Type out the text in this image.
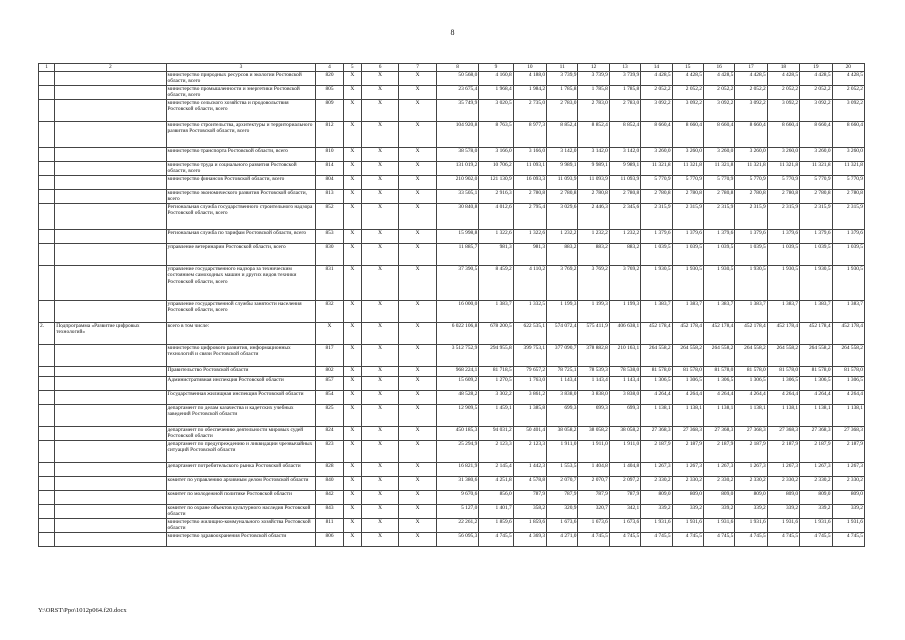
8
1	2	3	4	5	6	7	8	9	10	11	12	13	14	15	16	17	18	19	20
		министерство природных ресурсов и экологии Ростовской области, всего	820	X	X	X	50 568,0	4 160,8	4 188,0	3 739,9	3 739,9	3 739,9	4 428,5	4 428,5	4 428,5	4 428,5	4 428,5	4 428,5	4 428,5
		министерство промышленности и энергетики Ростовской области, всего	805	X	X	X	23 675,4	1 968,4	1 984,2	1 785,8	1 785,8	1 785,8	2 052,2	2 052,2	2 052,2	2 052,2	2 052,2	2 052,2	2 052,2
		министерство сельского хозяйства и продовольствия Ростовской области, всего	809	X	X	X	35 749,9	3 020,5	2 735,0	2 783,0	2 783,0	2 783,0	3 092,2	3 092,2	3 092,2	3 092,2	3 092,2	3 092,2	3 092,2
		министерство строительства, архитектуры и территориального развития Ростовской области, всего	812	X	X	X	104 920,8	8 763,5	8 977,3	8 852,4	8 852,4	8 852,4	8 660,4	8 660,4	8 660,4	8 660,4	8 660,4	8 660,4	8 660,4
		министерство транспорта Ростовской области, всего	810	X	X	X	38 578,0	3 166,0	3 166,0	3 142,0	3 142,0	3 142,0	3 260,0	3 260,0	3 260,0	3 260,0	3 260,0	3 260,0	3 260,0
		министерство труда и социального развития Ростовской области, всего	814	X	X	X	131 019,2	10 706,2	11 093,1	9 989,1	9 989,1	9 989,1	11 321,8	11 321,8	11 321,8	11 321,8	11 321,8	11 321,8	11 321,8
		министерство финансов Ростовской области, всего	804	X	X	X	210 902,0	121 130,9	16 093,3	11 093,9	11 093,9	11 093,9	5 770,9	5 770,9	5 770,9	5 770,9	5 770,9	5 770,9	5 770,9
		министерство экономического развития Ростовской области, всего	813	X	X	X	33 505,1	2 916,3	2 780,8	2 780,8	2 780,8	2 780,8	2 780,8	2 780,8	2 780,8	2 780,8	2 780,8	2 780,8	2 780,8
		Региональная служба государственного строительного надзора Ростовской области, всего	852	X	X	X	30 840,8	4 012,6	2 795,4	3 029,6	2 446,3	2 345,6	2 315,9	2 315,9	2 315,9	2 315,9	2 315,9	2 315,9	2 315,9
		Региональная служба по тарифам Ростовской области, всего	853	X	X	X	15 998,8	1 322,6	1 322,6	1 232,2	1 232,2	1 232,2	1 379,6	1 379,6	1 379,6	1 379,6	1 379,6	1 379,6	1 379,6
		управление ветеринарии Ростовской области, всего	830	X	X	X	11 885,7	981,3	981,3	883,2	883,2	883,2	1 039,5	1 039,5	1 039,5	1 039,5	1 039,5	1 039,5	1 039,5
		управление государственного надзора за техническим состоянием самоходных машин и других видов техники Ростовской области, всего	831	X	X	X	37 390,5	8 459,2	4 110,2	3 769,2	3 769,2	3 769,2	1 930,5	1 930,5	1 930,5	1 930,5	1 930,5	1 930,5	1 930,5
		управление государственной службы занятости населения Ростовской области, всего	832	X	X	X	16 000,0	1 383,7	1 332,5	1 199,3	1 199,3	1 199,3	1 383,7	1 383,7	1 383,7	1 383,7	1 383,7	1 383,7	1 383,7
2.	Подпрограмма «Развитие цифровых технологий»	всего в том числе:	X	X	X	X	6 022 106,8	678 200,5	622 535,1	574 072,4	575 411,9	406 638,1	452 178,4	452 178,4	452 178,4	452 178,4	452 178,4	452 178,4	452 178,4
		министерство цифрового развития, информационных технологий и связи Ростовской области	817	X	X	X	3 512 752,9	294 955,8	399 753,1	377 090,7	378 882,8	210 163,1	264 558,2	264 558,2	264 558,2	264 558,2	264 558,2	264 558,2	264 558,2
		Правительство Ростовской области	802	X	X	X	968 224,1	81 718,5	79 657,2	78 725,1	78 539,3	78 538,0	81 578,0	81 578,0	81 578,0	81 578,0	81 578,0	81 578,0	81 578,0
		Административная инспекция Ростовской области	857	X	X	X	15 609,2	1 270,5	1 763,0	1 143,4	1 143,4	1 143,4	1 306,5	1 306,5	1 306,5	1 306,5	1 306,5	1 306,5	1 306,5
		Государственная жилищная инспекция Ростовской области	854	X	X	X	48 528,2	3 302,2	3 861,2	3 838,0	3 838,0	3 838,0	4 264,4	4 264,4	4 264,4	4 264,4	4 264,4	4 264,4	4 264,4
		департамент по делам казачества и кадетских учебных заведений Ростовской области	825	X	X	X	12 909,5	1 459,1	1 385,8	699,3	699,3	699,3	1 138,1	1 138,1	1 138,1	1 138,1	1 138,1	1 138,1	1 138,1
		департамент по обеспечению деятельности мировых судей Ростовской области	824	X	X	X	450 185,3	94 031,2	50 401,4	38 058,2	38 058,2	38 058,2	27 368,3	27 368,3	27 368,3	27 368,3	27 368,3	27 368,3	27 368,3
		департамент по предупреждению и ликвидации чрезвычайных ситуаций Ростовской области	823	X	X	X	25 294,9	2 123,3	2 123,3	1 911,0	1 911,0	1 911,0	2 187,9	2 187,9	2 187,9	2 187,9	2 187,9	2 187,9	2 187,9
		департамент потребительского рынка Ростовской области	828	X	X	X	16 821,9	2 145,4	1 442,3	1 553,5	1 404,8	1 404,8	1 267,3	1 267,3	1 267,3	1 267,3	1 267,3	1 267,3	1 267,3
		комитет по управлению архивным делом Ростовской области	840	X	X	X	31 380,6	4 251,8	4 578,8	2 070,7	2 070,7	2 097,2	2 330,2	2 330,2	2 330,2	2 330,2	2 330,2	2 330,2	2 330,2
		комитет по молодежной политике Ростовской области	842	X	X	X	9 670,6	856,0	787,9	787,9	787,9	787,9	809,0	809,0	809,0	809,0	809,0	809,0	809,0
		комитет по охране объектов культурного наследия Ростовской области	843	X	X	X	5 127,0	1 401,7	358,2	320,9	320,7	342,1	339,2	339,2	339,2	339,2	339,2	339,2	339,2
		министерство жилищно-коммунального хозяйства Ростовской области	811	X	X	X	22 261,2	1 859,6	1 859,6	1 673,6	1 673,6	1 673,6	1 931,6	1 931,6	1 931,6	1 931,6	1 931,6	1 931,6	1 931,6
		министерство здравоохранения Ростовской области	806	X	X	X	56 095,3	4 745,5	4 369,3	4 271,0	4 745,5	4 745,5	4 745,5	4 745,5	4 745,5	4 745,5	4 745,5	4 745,5	4 745,5
Y:\ORST\Ppo\1012p064.f20.docx
